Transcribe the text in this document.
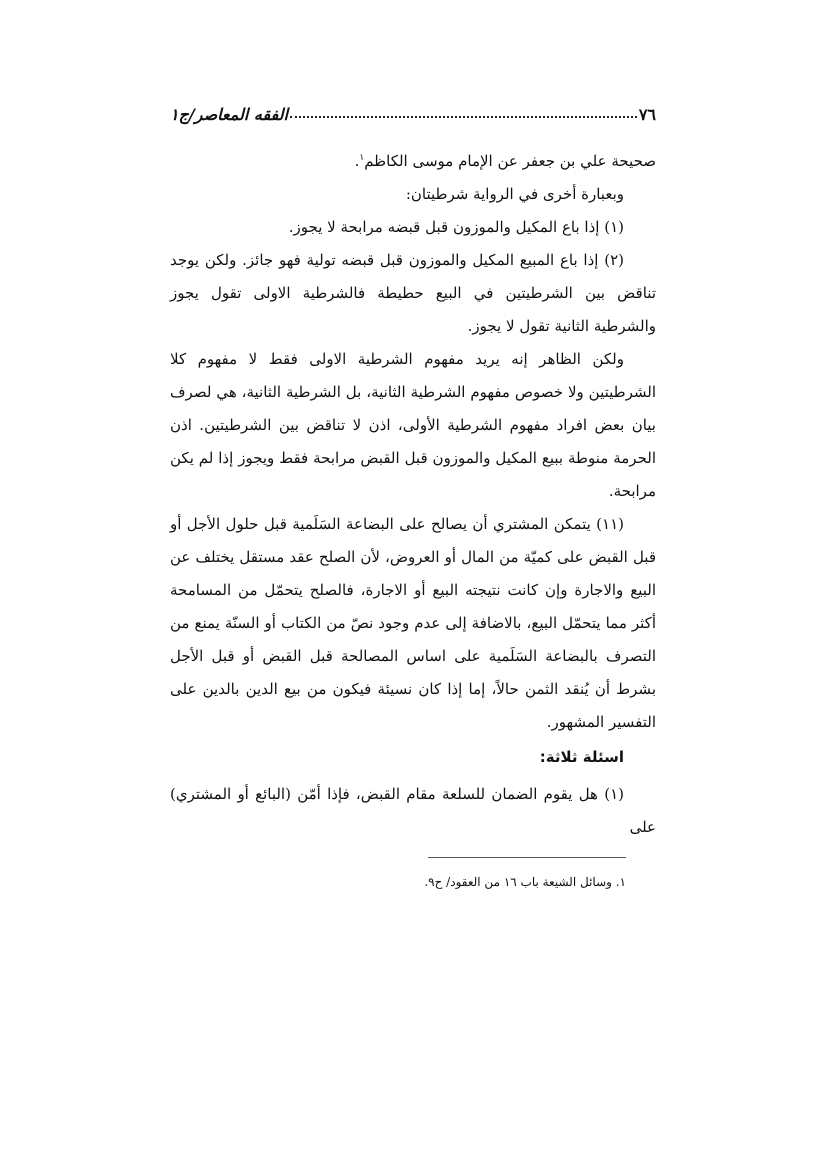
٧٦
الفقه المعاصر/ج١

صحيحة علي بن جعفر عن الإمام موسى الكاظم$^١$.

وبعبارة أخرى في الرواية شرطيتان:

(١) إذا باع المكيل والموزون قبل قبضه مرابحة لا يجوز.

(٢) إذا باع المبيع المكيل والموزون قبل قبضه تولية فهو جائز. ولكن يوجد تناقض بين الشرطيتين في البيع حطيطة فالشرطية الاولى تقول يجوز والشرطية الثانية تقول لا يجوز.

ولكن الظاهر إنه يريد مفهوم الشرطية الاولى فقط لا مفهوم كلا الشرطيتين ولا خصوص مفهوم الشرطية الثانية، بل الشرطية الثانية، هي لصرف بيان بعض افراد مفهوم الشرطية الأولى، اذن لا تناقض بين الشرطيتين. اذن الحرمة منوطة ببيع المكيل والموزون قبل القبض مرابحة فقط ويجوز إذا لم يكن مرابحة.

(١١) يتمكن المشتري أن يصالح على البضاعة السَلَمية قبل حلول الأجل أو قبل القبض على كميّة من المال أو العروض، لأن الصلح عقد مستقل يختلف عن البيع والاجارة وإن كانت نتيجته البيع أو الاجارة، فالصلح يتحمّل من المسامحة أكثر مما يتحمّل البيع، بالاضافة إلى عدم وجود نصّ من الكتاب أو السنّة يمنع من التصرف بالبضاعة السَلَمية على اساس المصالحة قبل القبض أو قبل الأجل بشرط أن يُنقد الثمن حالاً، إما إذا كان نسيئة فيكون من بيع الدين بالدين على التفسير المشهور.

اسئلة ثلاثة:

(١) هل يقوم الضمان للسلعة مقام القبض، فإذا أمّن (البائع أو المشتري) على

١. وسائل الشيعة باب ١٦ من العقود/ ح٩.
